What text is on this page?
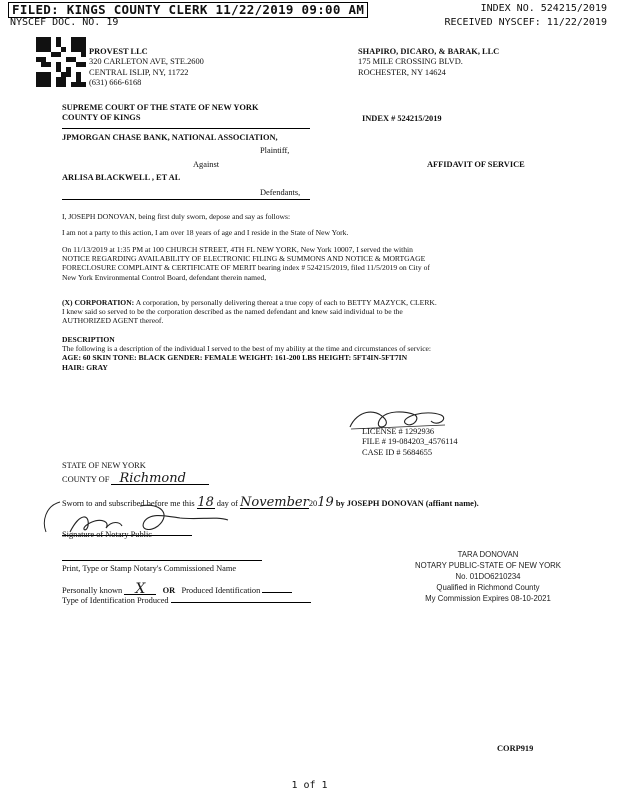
FILED: KINGS COUNTY CLERK 11/22/2019 09:00 AM
NYSCEF DOC. NO. 19
INDEX NO. 524215/2019
RECEIVED NYSCEF: 11/22/2019
PROVEST LLC
320 CARLETON AVE, STE.2600
CENTRAL ISLIP, NY, 11722
(631) 666-6168
SHAPIRO, DICARO, & BARAK, LLC
175 MILE CROSSING BLVD.
ROCHESTER, NY 14624
SUPREME COURT OF THE STATE OF NEW YORK
COUNTY OF KINGS	INDEX # 524215/2019
JPMORGAN CHASE BANK, NATIONAL ASSOCIATION,
Plaintiff,
Against	AFFIDAVIT OF SERVICE
ARLISA BLACKWELL , ET AL
Defendants,
I, JOSEPH DONOVAN, being first duly sworn, depose and say as follows:
I am not a party to this action, I am over 18 years of age and I reside in the State of New York.
On 11/13/2019 at 1:35 PM at 100 CHURCH STREET, 4TH FL NEW YORK, New York 10007, I served the within
NOTICE REGARDING AVAILABILITY OF ELECTRONIC FILING & SUMMONS AND NOTICE & MORTGAGE
FORECLOSURE COMPLAINT & CERTIFICATE OF MERIT bearing index # 524215/2019, filed 11/5/2019 on City of
New York Environmental Control Board, defendant therein named,
(X) CORPORATION: A corporation, by personally delivering thereat a true copy of each to BETTY MAZYCK, CLERK.
I knew said so served to be the corporation described as the named defendant and knew said individual to be the
AUTHORIZED AGENT thereof.
DESCRIPTION
The following is a description of the individual I served to the best of my ability at the time and circumstances of service:
AGE: 60 SKIN TONE: BLACK GENDER: FEMALE WEIGHT: 161-200 LBS HEIGHT: 5FT4IN-5FT7IN
HAIR: GRAY
LICENSE # 1292936
FILE # 19-084203_4576114
CASE ID # 5684655
STATE OF NEW YORK
COUNTY OF Richmond
Sworn to and subscribed before me this 18 day of November2019 by JOSEPH DONOVAN (affiant name).
Signature of Notary Public
Print, Type or Stamp Notary's Commissioned Name
Personally known X OR Produced Identification
Type of Identification Produced
TARA DONOVAN
NOTARY PUBLIC-STATE OF NEW YORK
No. 01DO6210234
Qualified in Richmond County
My Commission Expires 08-10-2021
CORP919
1 of 1
